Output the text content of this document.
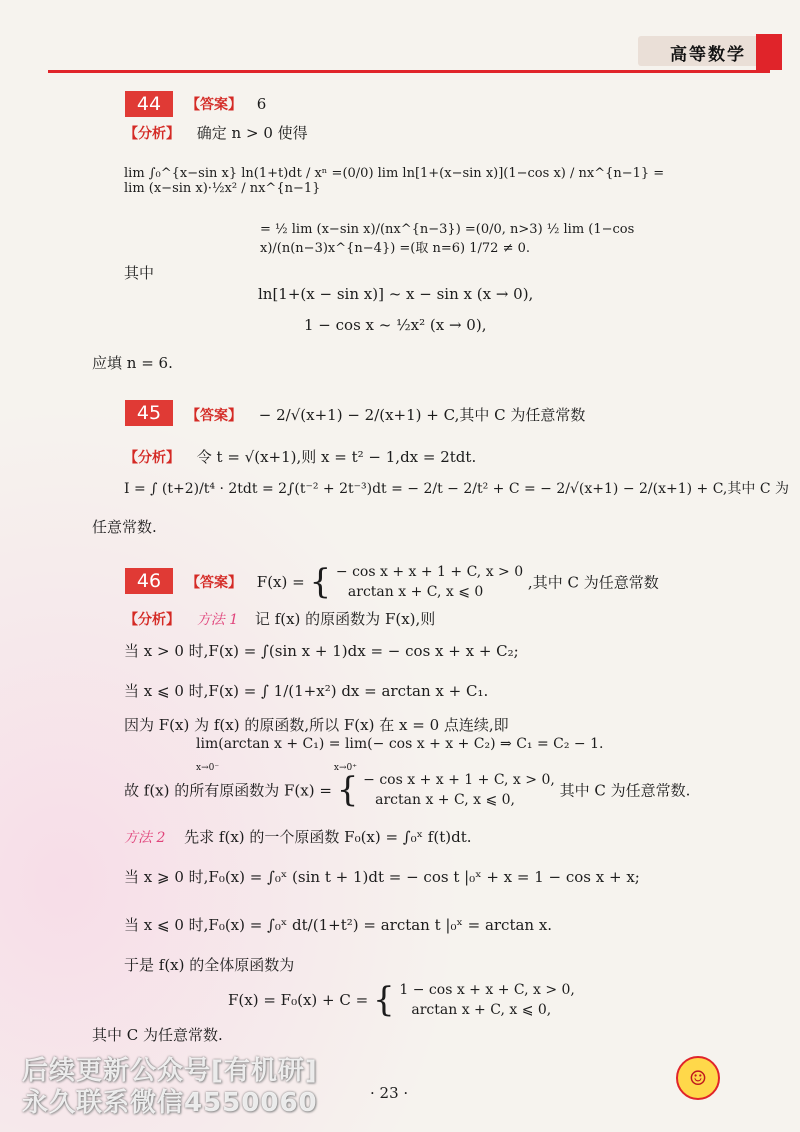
高等数学
44	【答案】 6
【分析】 确定 n > 0 使得
lim ∫₀^{x−sin x} ln(1+t)dt / xⁿ =(0/0) lim ln[1+(x−sin x)](1−cos x) / nx^{n−1} = lim (x−sin x)·½x² / nx^{n−1}
= ½ lim (x−sin x)/(nx^{n−3}) =(0/0, n>3) ½ lim (1−cos x)/(n(n−3)x^{n−4}) =(取 n=6) 1/72 ≠ 0.
其中
ln[1+(x − sin x)] ~ x − sin x (x → 0),
1 − cos x ~ ½x² (x → 0),
应填 n = 6.
45	【答案】 − 2/√(x+1) − 2/(x+1) + C,其中 C 为任意常数
【分析】 令 t = √(x+1),则 x = t² − 1,dx = 2tdt.
I = ∫ (t+2)/t⁴ · 2tdt = 2∫(t⁻² + 2t⁻³)dt = − 2/t − 2/t² + C = − 2/√(x+1) − 2/(x+1) + C,其中 C 为
任意常数.
46	【答案】 F(x) = { − cos x + x + 1 + C, x > 0
arctan x + C, x ⩽ 0
,其中 C 为任意常数
【分析】 方法 1 记 f(x) 的原函数为 F(x),则
当 x > 0 时,F(x) = ∫(sin x + 1)dx = − cos x + x + C₂;
当 x ⩽ 0 时,F(x) = ∫ 1/(1+x²) dx = arctan x + C₁.
因为 F(x) 为 f(x) 的原函数,所以 F(x) 在 x = 0 点连续,即
lim(arctan x + C₁) = lim(− cos x + x + C₂) ⇒ C₁ = C₂ − 1.
x→0⁻	x→0⁺
故 f(x) 的所有原函数为 F(x) = { − cos x + x + 1 + C, x > 0,
arctan x + C, x ⩽ 0,
其中 C 为任意常数.
方法 2 先求 f(x) 的一个原函数 F₀(x) = ∫₀ˣ f(t)dt.
当 x ⩾ 0 时,F₀(x) = ∫₀ˣ (sin t + 1)dt = − cos t |₀ˣ + x = 1 − cos x + x;
当 x ⩽ 0 时,F₀(x) = ∫₀ˣ dt/(1+t²) = arctan t |₀ˣ = arctan x.
于是 f(x) 的全体原函数为
F(x) = F₀(x) + C = { 1 − cos x + x + C, x > 0,
arctan x + C, x ⩽ 0,
其中 C 为任意常数.
后续更新公众号[有机研]
永久联系微信4550060	· 23 ·
☺
